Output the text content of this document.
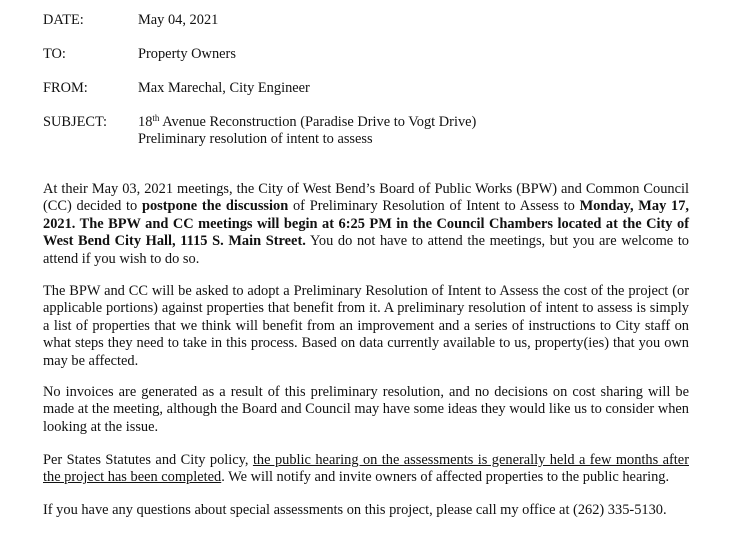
DATE:	May 04, 2021
TO:	Property Owners
FROM:	Max Marechal, City Engineer
SUBJECT: 18th Avenue Reconstruction (Paradise Drive to Vogt Drive)
Preliminary resolution of intent to assess

At their May 03, 2021 meetings, the City of West Bend’s Board of Public Works (BPW) and Common Council (CC) decided to postpone the discussion of Preliminary Resolution of Intent to Assess to Monday, May 17, 2021. The BPW and CC meetings will begin at 6:25 PM in the Council Chambers located at the City of West Bend City Hall, 1115 S. Main Street. You do not have to attend the meetings, but you are welcome to attend if you wish to do so.

The BPW and CC will be asked to adopt a Preliminary Resolution of Intent to Assess the cost of the project (or applicable portions) against properties that benefit from it. A preliminary resolution of intent to assess is simply a list of properties that we think will benefit from an improvement and a series of instructions to City staff on what steps they need to take in this process. Based on data currently available to us, property(ies) that you own may be affected.

No invoices are generated as a result of this preliminary resolution, and no decisions on cost sharing will be made at the meeting, although the Board and Council may have some ideas they would like us to consider when looking at the issue.

Per States Statutes and City policy, the public hearing on the assessments is generally held a few months after the project has been completed. We will notify and invite owners of affected properties to the public hearing.

If you have any questions about special assessments on this project, please call my office at (262) 335-5130.
